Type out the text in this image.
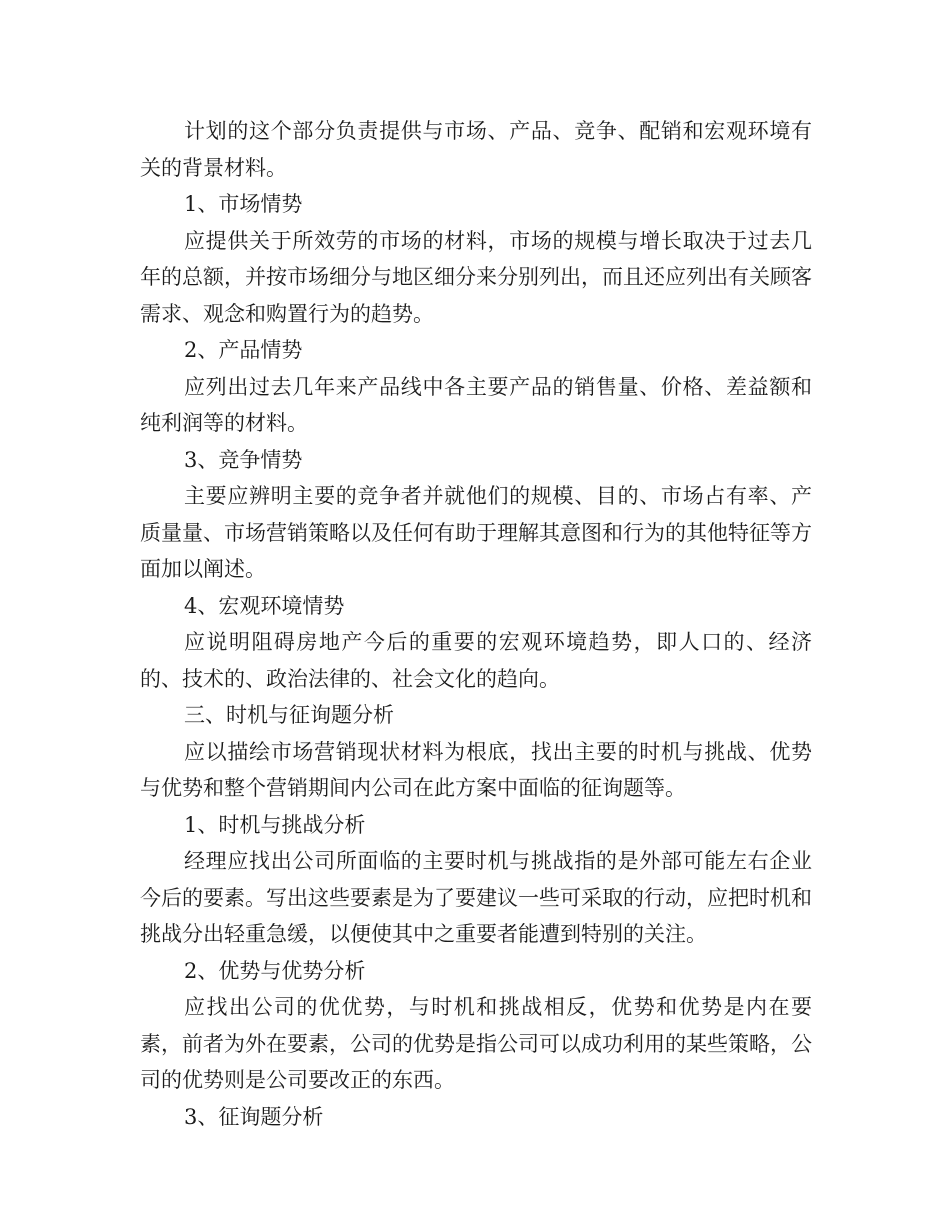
计划的这个部分负责提供与市场、产品、竞争、配销和宏观环境有关的背景材料。

1、市场情势

应提供关于所效劳的市场的材料，市场的规模与增长取决于过去几年的总额，并按市场细分与地区细分来分别列出，而且还应列出有关顾客需求、观念和购置行为的趋势。

2、产品情势

应列出过去几年来产品线中各主要产品的销售量、价格、差益额和纯利润等的材料。

3、竞争情势

主要应辨明主要的竞争者并就他们的规模、目的、市场占有率、产质量量、市场营销策略以及任何有助于理解其意图和行为的其他特征等方面加以阐述。

4、宏观环境情势

应说明阻碍房地产今后的重要的宏观环境趋势，即人口的、经济的、技术的、政治法律的、社会文化的趋向。

三、时机与征询题分析

应以描绘市场营销现状材料为根底，找出主要的时机与挑战、优势与优势和整个营销期间内公司在此方案中面临的征询题等。

1、时机与挑战分析

经理应找出公司所面临的主要时机与挑战指的是外部可能左右企业今后的要素。写出这些要素是为了要建议一些可采取的行动，应把时机和挑战分出轻重急缓，以便使其中之重要者能遭到特别的关注。

2、优势与优势分析

应找出公司的优优势，与时机和挑战相反，优势和优势是内在要素，前者为外在要素，公司的优势是指公司可以成功利用的某些策略，公司的优势则是公司要改正的东西。

3、征询题分析
